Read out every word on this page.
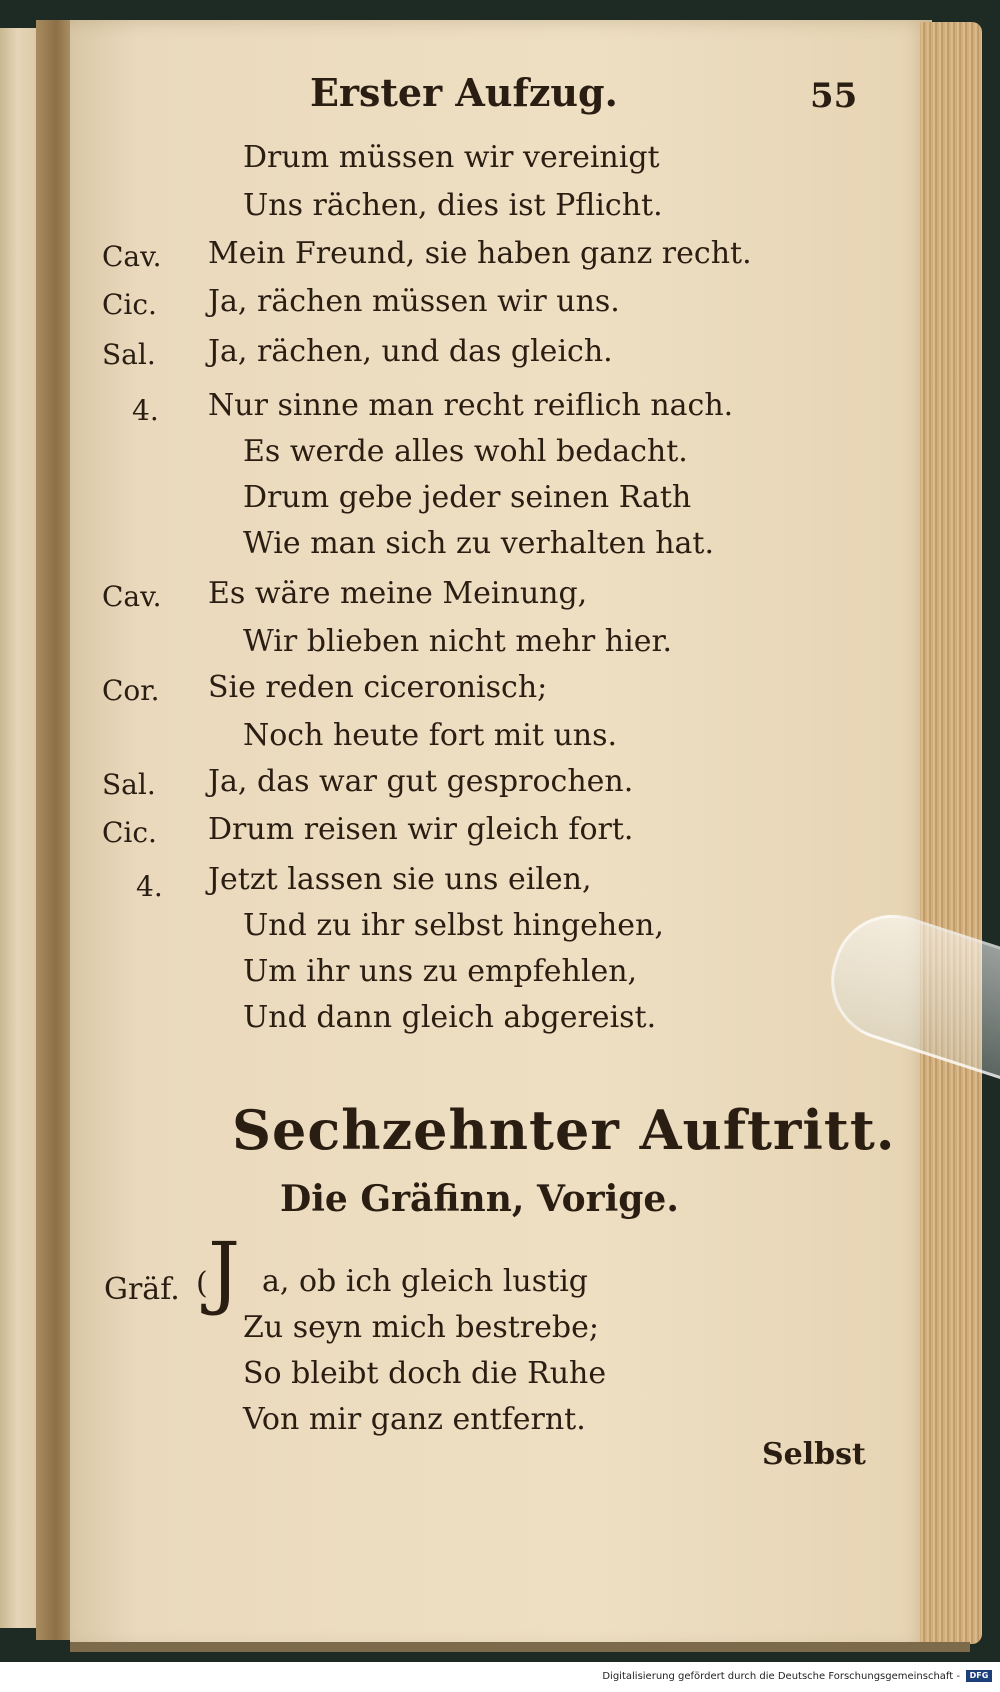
Erster Aufzug.	55
Drum müssen wir vereinigt
Uns rächen, dies ist Pflicht.
Cav. Mein Freund, sie haben ganz recht.
Cic. Ja, rächen müssen wir uns.
Sal. Ja, rächen, und das gleich.
4. Nur sinne man recht reiflich nach.
Es werde alles wohl bedacht.
Drum gebe jeder seinen Rath
Wie man sich zu verhalten hat.
Cav. Es wäre meine Meinung,
Wir blieben nicht mehr hier.
Cor. Sie reden ciceronisch;
Noch heute fort mit uns.
Sal. Ja, das war gut gesprochen.
Cic. Drum reisen wir gleich fort.
4. Jetzt lassen sie uns eilen,
Und zu ihr selbst hingehen,
Um ihr uns zu empfehlen,
Und dann gleich abgereist.
Sechzehnter Auftritt.
Die Gräfinn, Vorige.
Gräf. ( J a, ob ich gleich lustig
Zu seyn mich bestrebe;
So bleibt doch die Ruhe
Von mir ganz entfernt.
Selbst
Digitalisierung gefördert durch die Deutsche Forschungsgemeinschaft -	DFG
